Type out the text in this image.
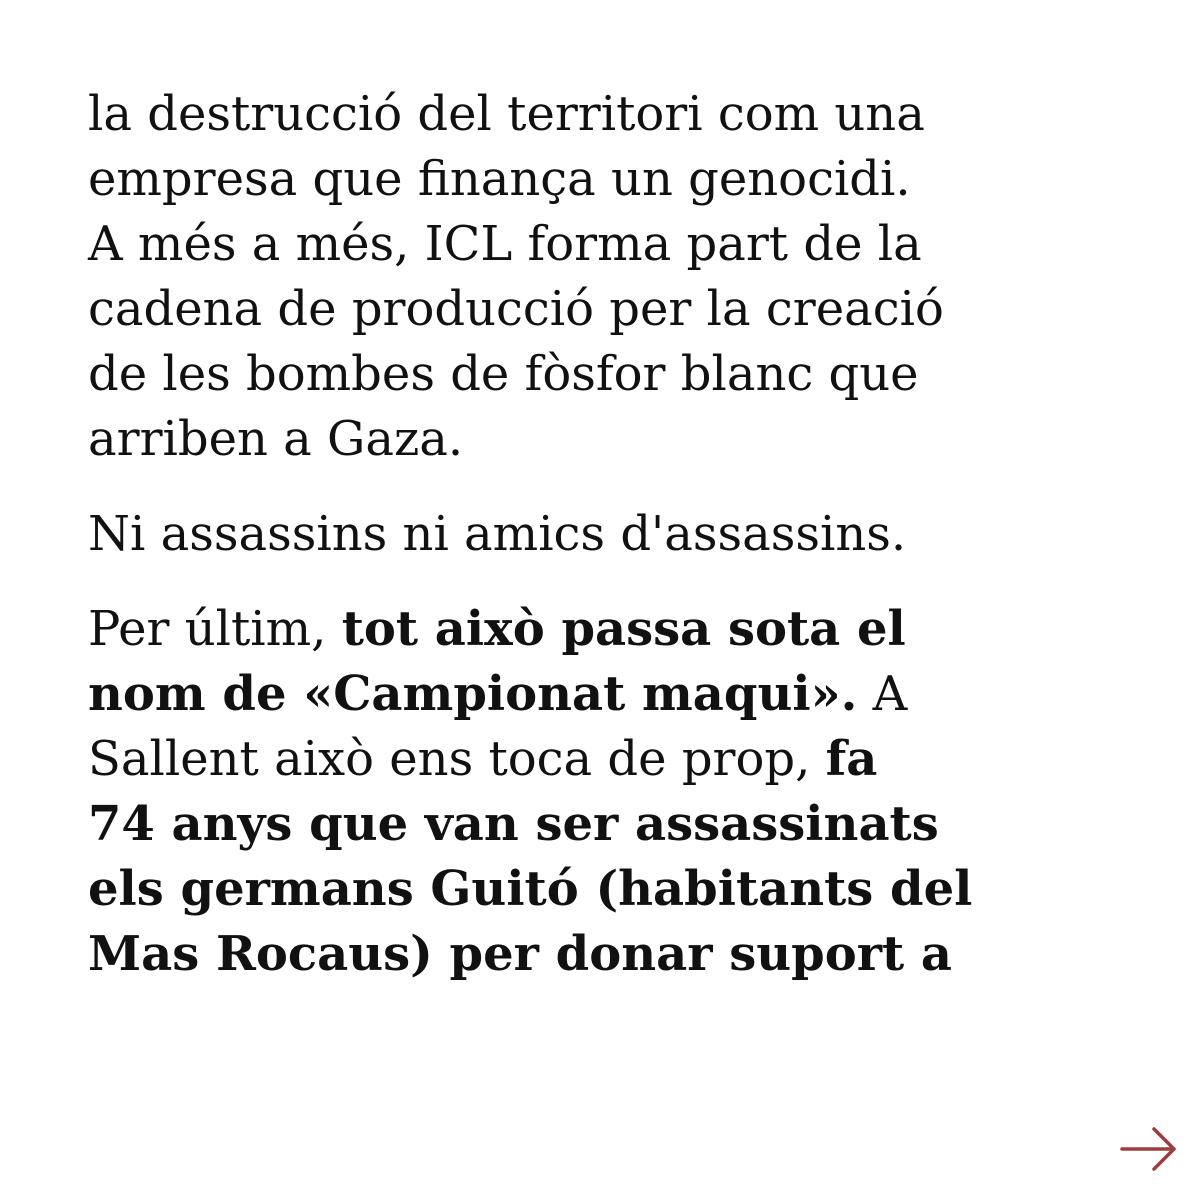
la destrucció del territori com una
empresa que finança un genocidi.
A més a més, ICL forma part de la
cadena de producció per la creació
de les bombes de fòsfor blanc que
arriben a Gaza.

Ni assassins ni amics d'assassins.

Per últim, tot això passa sota el
nom de «Campionat maqui». A
Sallent això ens toca de prop, fa
74 anys que van ser assassinats
els germans Guitó (habitants del
Mas Rocaus) per donar suport a
